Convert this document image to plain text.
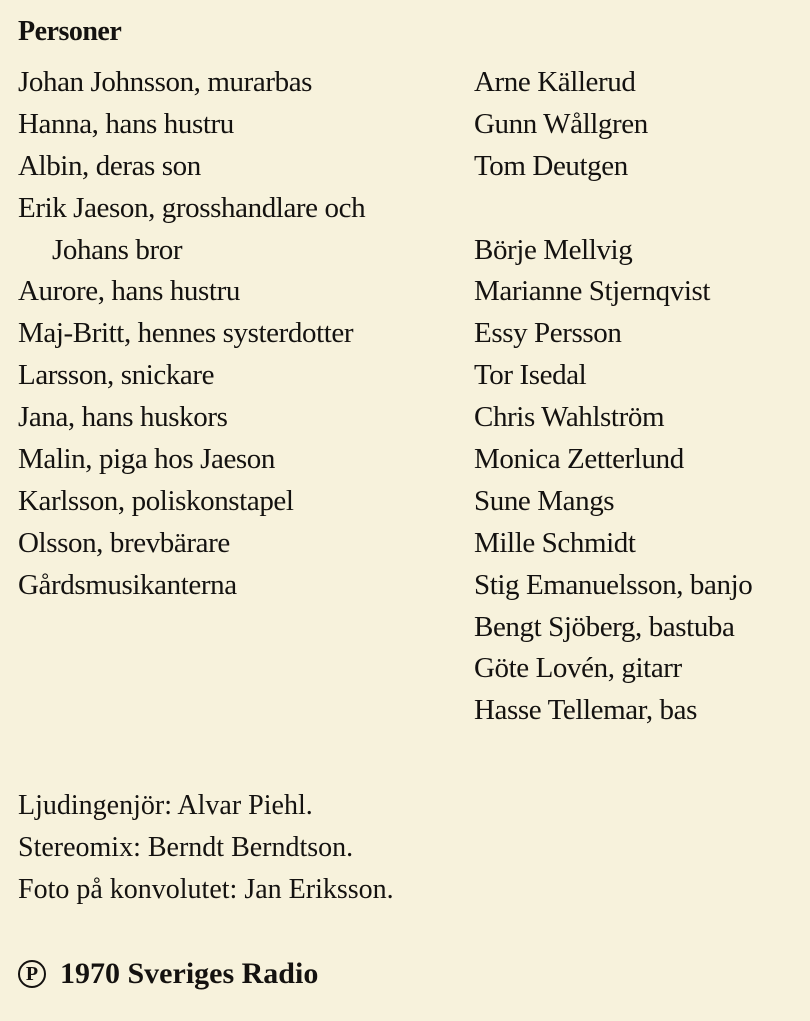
Personer
Johan Johnsson, murarbas
Hanna, hans hustru
Albin, deras son
Erik Jaeson, grosshandlare och
Johans bror
Aurore, hans hustru
Maj-Britt, hennes systerdotter
Larsson, snickare
Jana, hans huskors
Malin, piga hos Jaeson
Karlsson, poliskonstapel
Olsson, brevbärare
Gårdsmusikanterna
Arne Källerud
Gunn Wållgren
Tom Deutgen
Börje Mellvig
Marianne Stjernqvist
Essy Persson
Tor Isedal
Chris Wahlström
Monica Zetterlund
Sune Mangs
Mille Schmidt
Stig Emanuelsson, banjo
Bengt Sjöberg, bastuba
Göte Lovén, gitarr
Hasse Tellemar, bas
Ljudingenjör: Alvar Piehl.
Stereomix: Berndt Berndtson.
Foto på konvolutet: Jan Eriksson.
P 1970 Sveriges Radio
